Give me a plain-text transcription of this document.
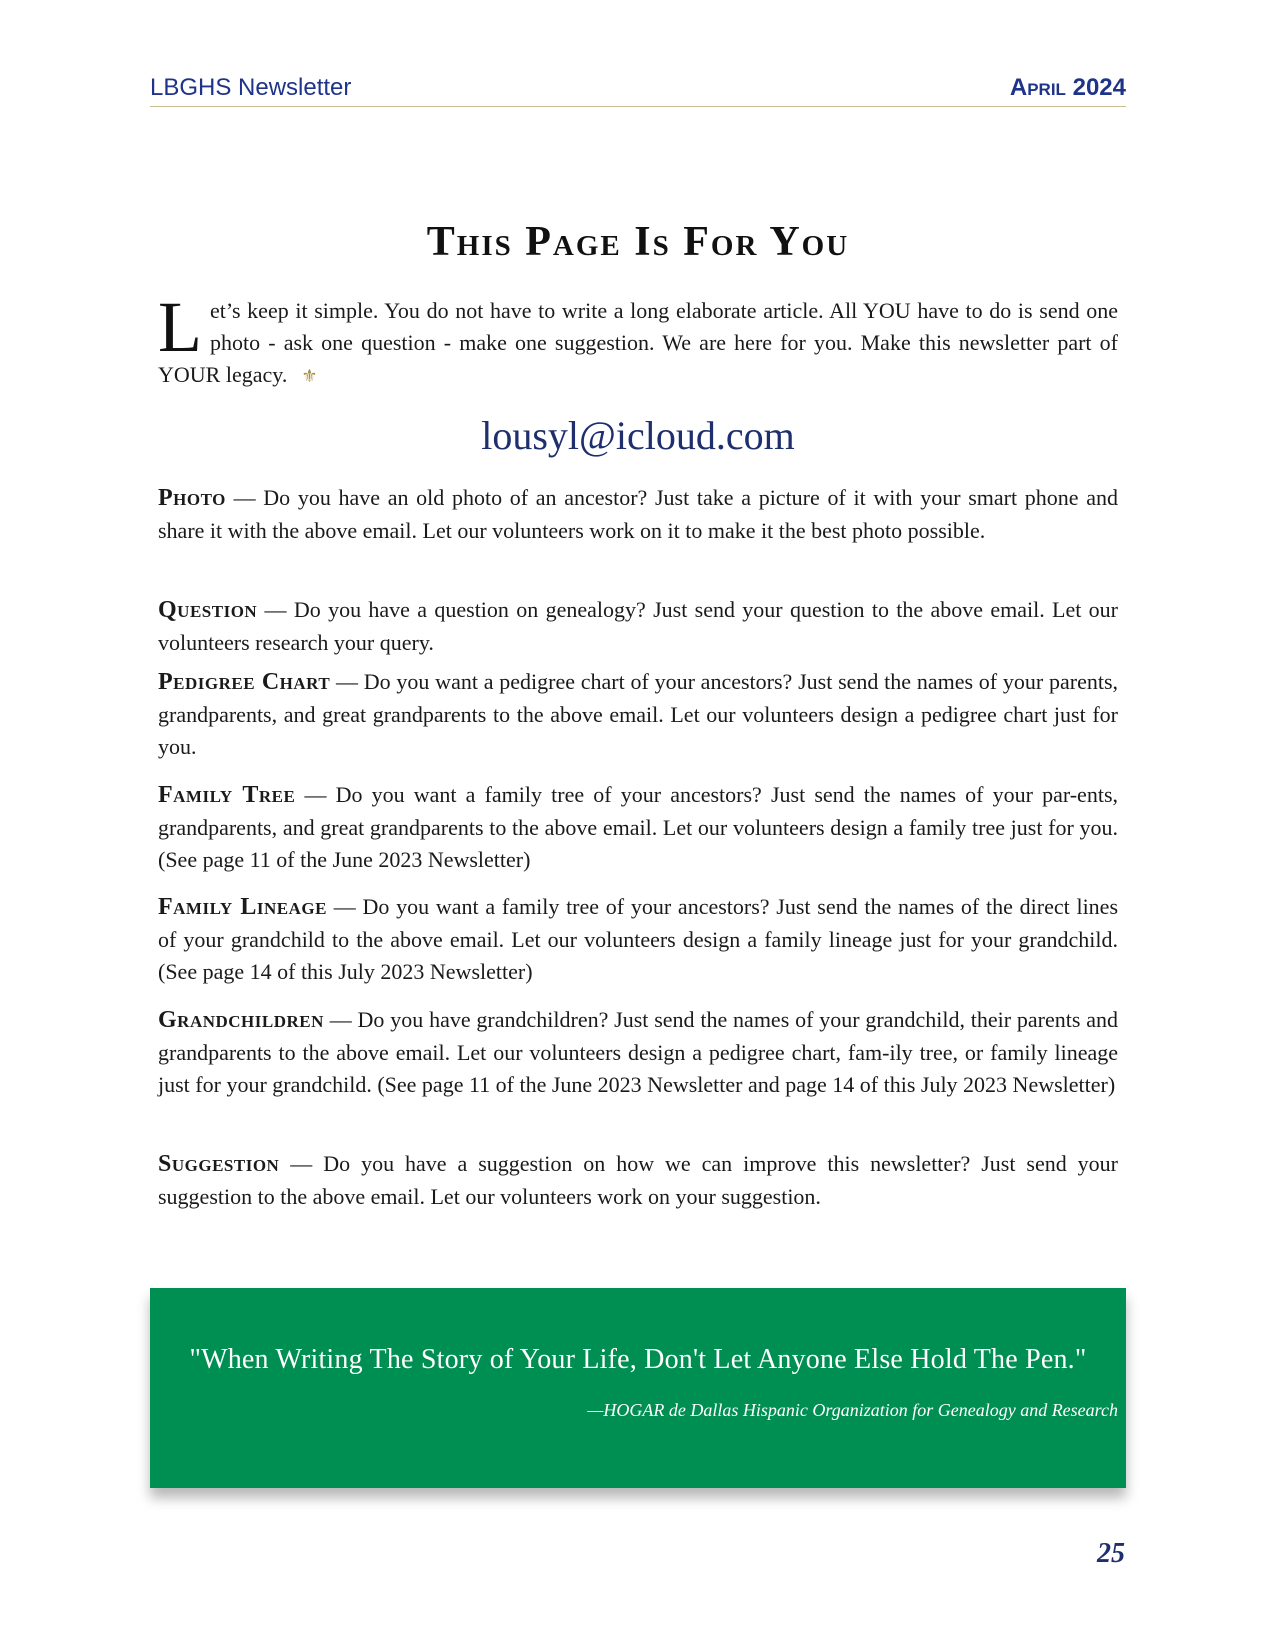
LBGHS Newsletter	April 2024
This Page Is For You
Let’s keep it simple. You do not have to write a long elaborate article. All YOU have to do is send one photo - ask one question - make one suggestion. We are here for you. Make this newsletter part of YOUR legacy. ⚜
lousyl@icloud.com
Photo — Do you have an old photo of an ancestor? Just take a picture of it with your smart phone and share it with the above email. Let our volunteers work on it to make it the best photo possible.
Question — Do you have a question on genealogy? Just send your question to the above email. Let our volunteers research your query.
Pedigree Chart — Do you want a pedigree chart of your ancestors? Just send the names of your parents, grandparents, and great grandparents to the above email. Let our volunteers design a pedigree chart just for you.
Family Tree — Do you want a family tree of your ancestors? Just send the names of your par-ents, grandparents, and great grandparents to the above email. Let our volunteers design a family tree just for you. (See page 11 of the June 2023 Newsletter)
Family Lineage — Do you want a family tree of your ancestors? Just send the names of the direct lines of your grandchild to the above email. Let our volunteers design a family lineage just for your grandchild. (See page 14 of this July 2023 Newsletter)
Grandchildren — Do you have grandchildren? Just send the names of your grandchild, their parents and grandparents to the above email. Let our volunteers design a pedigree chart, fam-ily tree, or family lineage just for your grandchild. (See page 11 of the June 2023 Newsletter and page 14 of this July 2023 Newsletter)
Suggestion — Do you have a suggestion on how we can improve this newsletter? Just send your suggestion to the above email. Let our volunteers work on your suggestion.
"When Writing The Story of Your Life, Don't Let Anyone Else Hold The Pen."
—HOGAR de Dallas Hispanic Organization for Genealogy and Research
25
